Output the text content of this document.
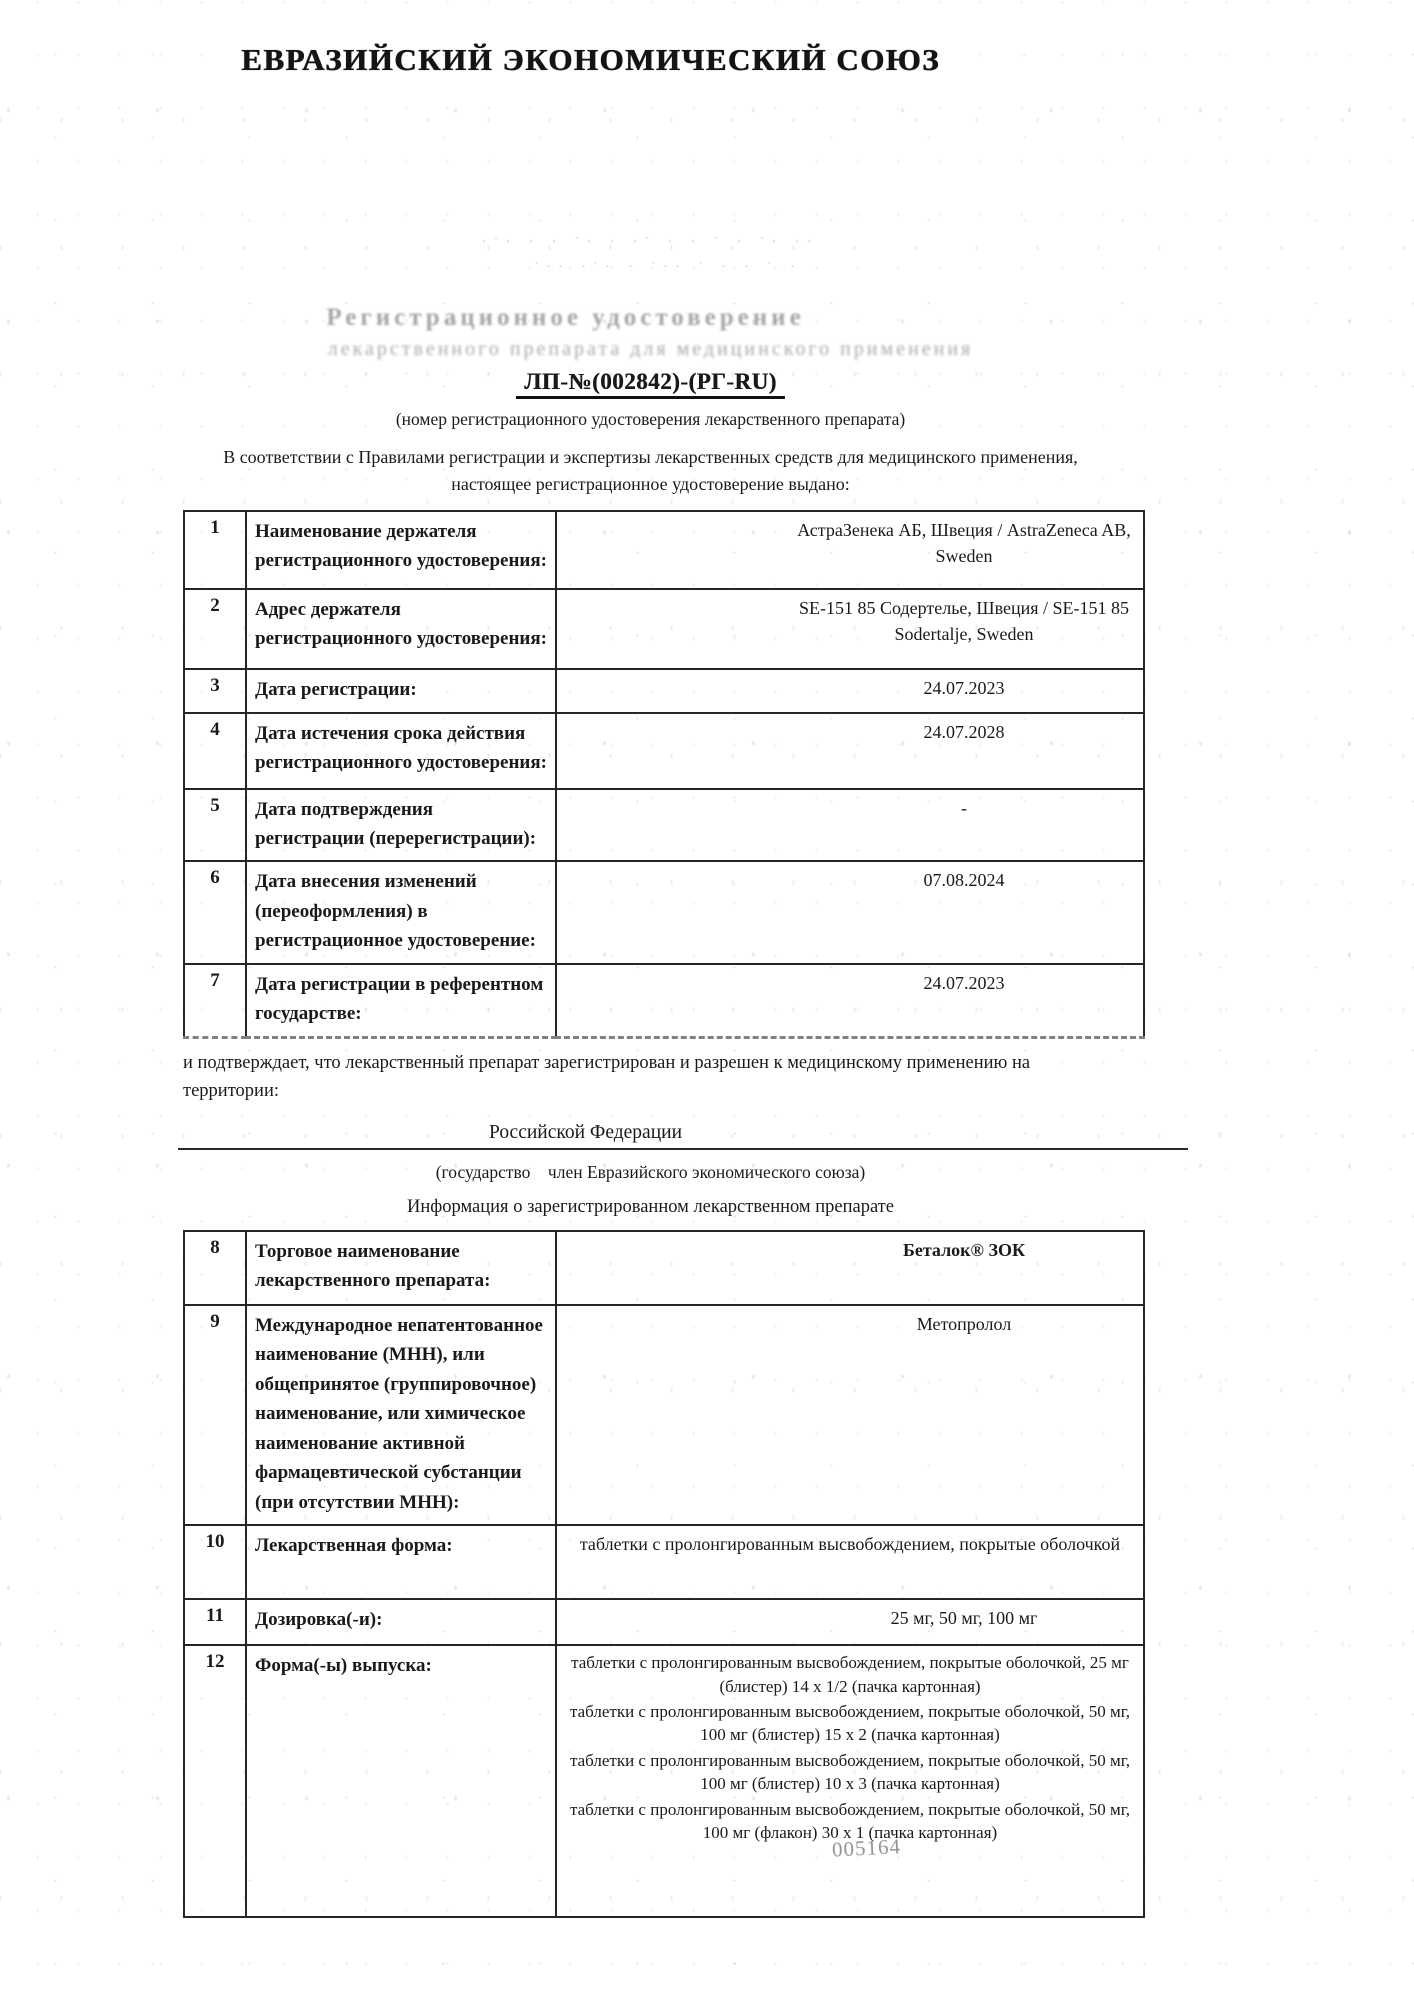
ЕВРАЗИЙСКИЙ ЭКОНОМИЧЕСКИЙ СОЮЗ
·˙· · · ˙· · ·˙ · · ˙ · ˙· ··
˙·· ·˙· · ˙·· ˙ · · ˙ ·
Регистрационное удостоверение
лекарственного препарата для медицинского применения
ЛП-№(002842)-(РГ-RU)
(номер регистрационного удостоверения лекарственного препарата)
В соответствии с Правилами регистрации и экспертизы лекарственных средств для медицинского применения, настоящее регистрационное удостоверение выдано:
1	Наименование держателя регистрационного удостоверения:	АстраЗенека АБ, Швеция / AstraZeneca AB, Sweden

2	Адрес держателя регистрационного удостоверения:	SE-151 85 Содертелье, Швеция / SE-151 85 Sodertalje, Sweden

3	Дата регистрации:	24.07.2023

4	Дата истечения срока действия регистрационного удостоверения:	24.07.2028

5	Дата подтверждения регистрации (перерегистрации):	-

6	Дата внесения изменений (переоформления) в регистрационное удостоверение:	07.08.2024

7	Дата регистрации в референтном государстве:	24.07.2023
и подтверждает, что лекарственный препарат зарегистрирован и разрешен к медицинскому применению на территории:
Российской Федерации
(государство    член Евразийского экономического союза)
Информация о зарегистрированном лекарственном препарате
8	Торговое наименование лекарственного препарата:	Беталок® ЗОК

9	Международное непатентованное наименование (МНН), или общепринятое (группировочное) наименование, или химическое наименование активной фармацевтической субстанции (при отсутствии МНН):	Метопролол

10	Лекарственная форма:	таблетки с пролонгированным высвобождением, покрытые оболочкой
11	Дозировка(-и):	25 мг, 50 мг, 100 мг

12	Форма(-ы) выпуска:	таблетки с пролонгированным высвобождением, покрытые оболочкой, 25 мг (блистер) 14 х 1/2 (пачка картонная)

таблетки с пролонгированным высвобождением, покрытые оболочкой, 50 мг, 100 мг (блистер) 15 х 2 (пачка картонная)

таблетки с пролонгированным высвобождением, покрытые оболочкой, 50 мг, 100 мг (блистер) 10 х 3 (пачка картонная)

таблетки с пролонгированным высвобождением, покрытые оболочкой, 50 мг, 100 мг (флакон) 30 х 1 (пачка картонная)

005164
